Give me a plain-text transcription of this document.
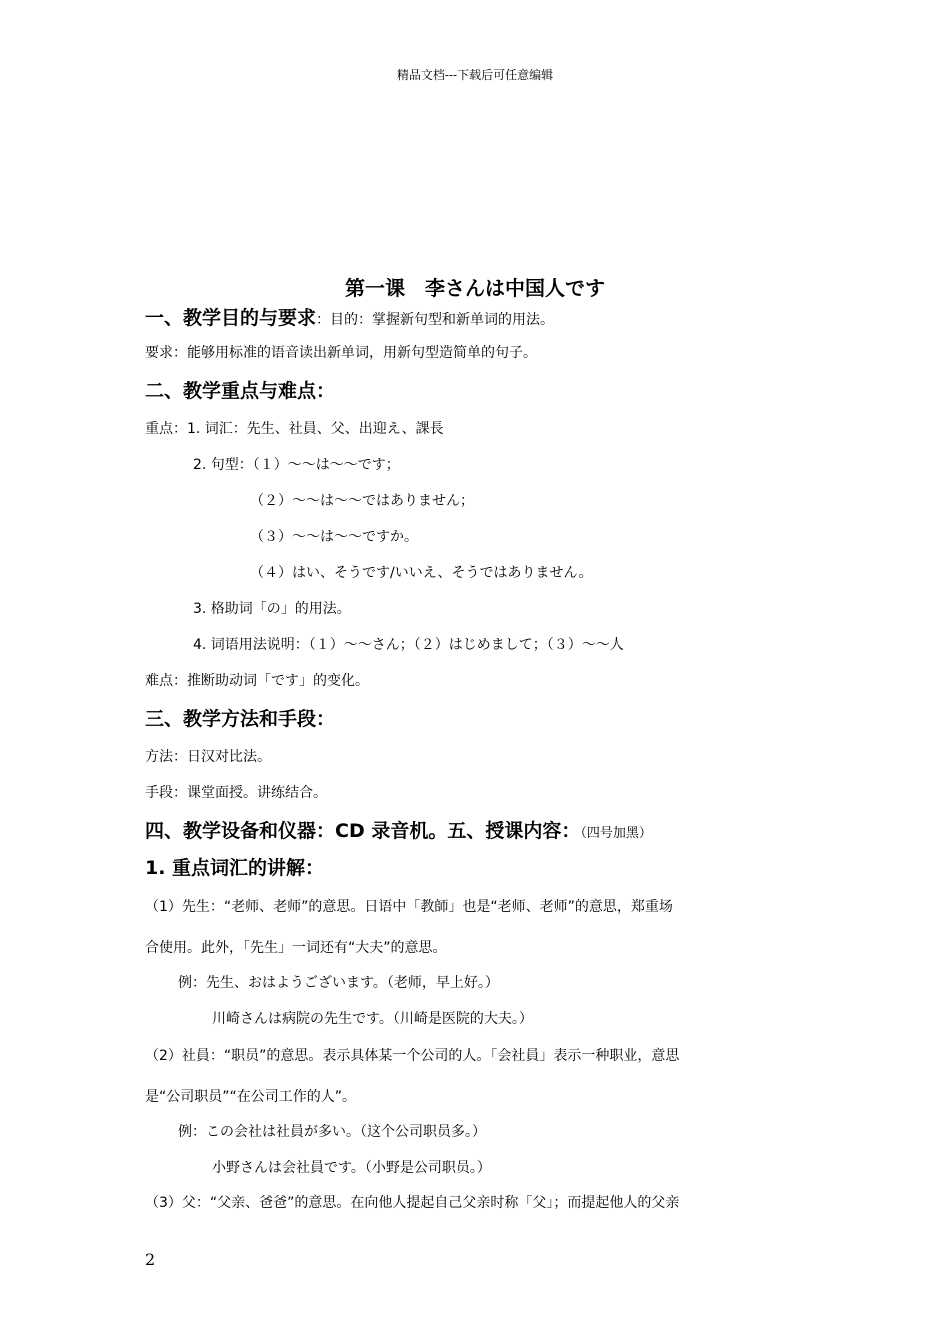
精品文档---下载后可任意编辑
第一课　李さんは中国人です
一、教学目的与要求：目的：掌握新句型和新单词的用法。
要求：能够用标准的语音读出新单词，用新句型造简单的句子。
二、教学重点与难点：
重点：1. 词汇：先生、社員、父、出迎え、課長
2. 句型：（１）～～は～～です；
（２）～～は～～ではありません；
（３）～～は～～ですか。
（４）はい、そうです/いいえ、そうではありません。
3. 格助词「の」的用法。
4. 词语用法说明：（１）～～さん；（２）はじめまして；（３）～～人
难点：推断助动词「です」的变化。
三、教学方法和手段：
方法：日汉对比法。
手段：课堂面授。讲练结合。
四、教学设备和仪器：CD 录音机。五、授课内容：（四号加黑）
1. 重点词汇的讲解：
（1）先生：“老师、老师”的意思。日语中「教師」也是“老师、老师”的意思，郑重场
合使用。此外，「先生」一词还有“大夫”的意思。
例：先生、おはようございます。（老师，早上好。）
川崎さんは病院の先生です。（川崎是医院的大夫。）
（2）社員：“职员”的意思。表示具体某一个公司的人。「会社員」表示一种职业，意思
是“公司职员”“在公司工作的人”。
例：この会社は社員が多い。（这个公司职员多。）
小野さんは会社員です。（小野是公司职员。）
（3）父：“父亲、爸爸”的意思。在向他人提起自己父亲时称「父」；而提起他人的父亲
2
